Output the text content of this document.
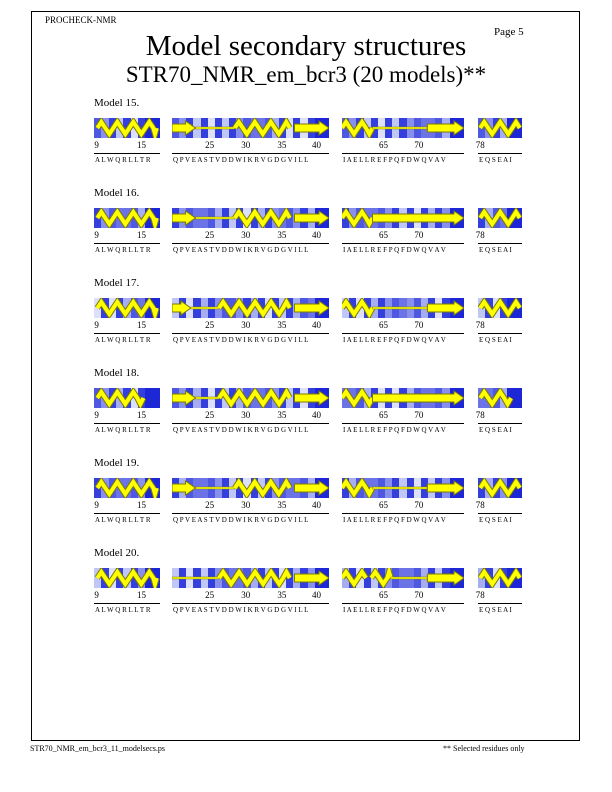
PROCHECK-NMR
Page 5
Model secondary structures
STR70_NMR_em_bcr3 (20 models)**
Model 15.
9	15
A L W Q R L L T R
25	30	35	40
Q P V E A S T V D D W I K R V G D G V I L L
65	70
I A E L L R E F P Q F D W Q V A V
78
E Q S E A I
Model 16.
9	15
A L W Q R L L T R
25	30	35	40
Q P V E A S T V D D W I K R V G D G V I L L
65	70
I A E L L R E F P Q F D W Q V A V
78
E Q S E A I
Model 17.
9	15
A L W Q R L L T R
25	30	35	40
Q P V E A S T V D D W I K R V G D G V I L L
65	70
I A E L L R E F P Q F D W Q V A V
78
E Q S E A I
Model 18.
9	15
A L W Q R L L T R
25	30	35	40
Q P V E A S T V D D W I K R V G D G V I L L
65	70
I A E L L R E F P Q F D W Q V A V
78
E Q S E A I
Model 19.
9	15
A L W Q R L L T R
25	30	35	40
Q P V E A S T V D D W I K R V G D G V I L L
65	70
I A E L L R E F P Q F D W Q V A V
78
E Q S E A I
Model 20.
9	15
A L W Q R L L T R
25	30	35	40
Q P V E A S T V D D W I K R V G D G V I L L
65	70
I A E L L R E F P Q F D W Q V A V
78
E Q S E A I
STR70_NMR_em_bcr3_11_modelsecs.ps	** Selected residues only
